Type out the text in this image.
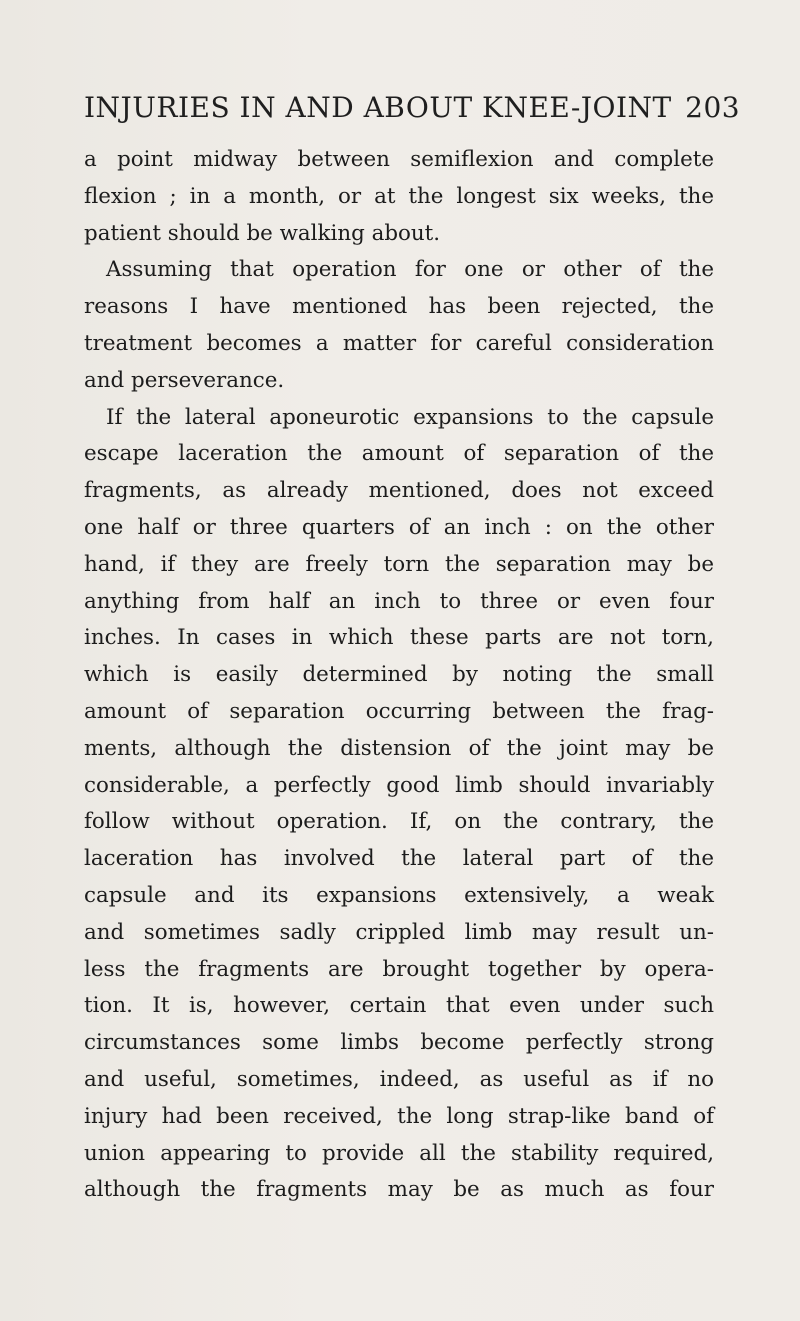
INJURIES IN AND ABOUT KNEE-JOINT 203
a point midway between semiflexion and complete
flexion ; in a month, or at the longest six weeks, the
patient should be walking about.
Assuming that operation for one or other of the
reasons I have mentioned has been rejected, the
treatment becomes a matter for careful consideration
and perseverance.
If the lateral aponeurotic expansions to the capsule
escape laceration the amount of separation of the
fragments, as already mentioned, does not exceed
one half or three quarters of an inch : on the other
hand, if they are freely torn the separation may be
anything from half an inch to three or even four
inches. In cases in which these parts are not torn,
which is easily determined by noting the small
amount of separation occurring between the frag-
ments, although the distension of the joint may be
considerable, a perfectly good limb should invariably
follow without operation. If, on the contrary, the
laceration has involved the lateral part of the
capsule and its expansions extensively, a weak
and sometimes sadly crippled limb may result un-
less the fragments are brought together by opera-
tion. It is, however, certain that even under such
circumstances some limbs become perfectly strong
and useful, sometimes, indeed, as useful as if no
injury had been received, the long strap-like band of
union appearing to provide all the stability required,
although the fragments may be as much as four
